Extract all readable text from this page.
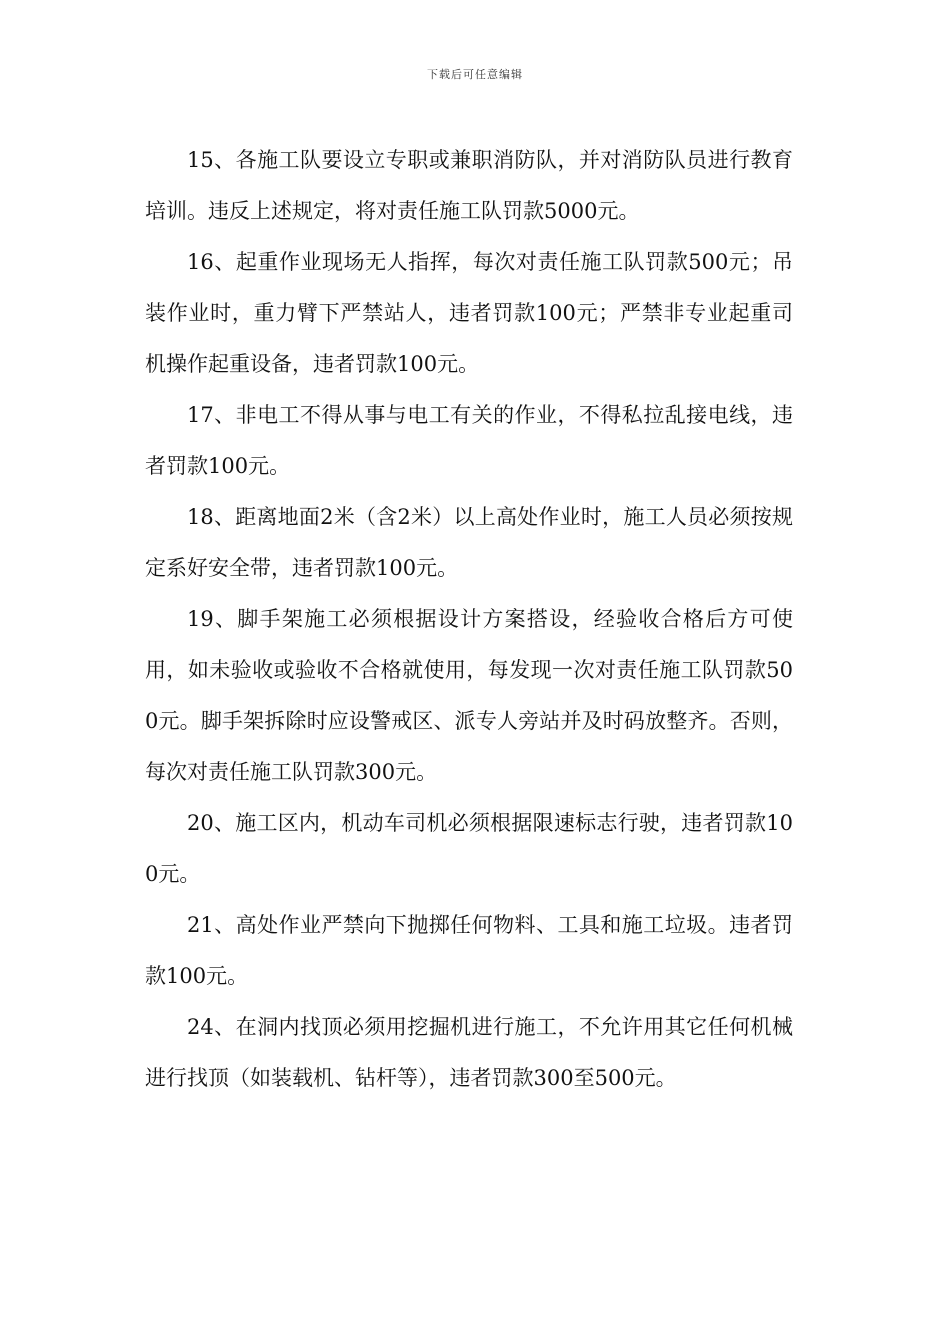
下载后可任意编辑

15、各施工队要设立专职或兼职消防队，并对消防队员进行教育培训。违反上述规定，将对责任施工队罚款5000元。

16、起重作业现场无人指挥，每次对责任施工队罚款500元；吊装作业时，重力臂下严禁站人，违者罚款100元；严禁非专业起重司机操作起重设备，违者罚款100元。

17、非电工不得从事与电工有关的作业，不得私拉乱接电线，违者罚款100元。

18、距离地面2米（含2米）以上高处作业时，施工人员必须按规定系好安全带，违者罚款100元。

19、脚手架施工必须根据设计方案搭设，经验收合格后方可使用，如未验收或验收不合格就使用，每发现一次对责任施工队罚款500元。脚手架拆除时应设警戒区、派专人旁站并及时码放整齐。否则，每次对责任施工队罚款300元。

20、施工区内，机动车司机必须根据限速标志行驶，违者罚款100元。

21、高处作业严禁向下抛掷任何物料、工具和施工垃圾。违者罚款100元。

24、在洞内找顶必须用挖掘机进行施工，不允许用其它任何机械进行找顶（如装载机、钻杆等），违者罚款300至500元。
